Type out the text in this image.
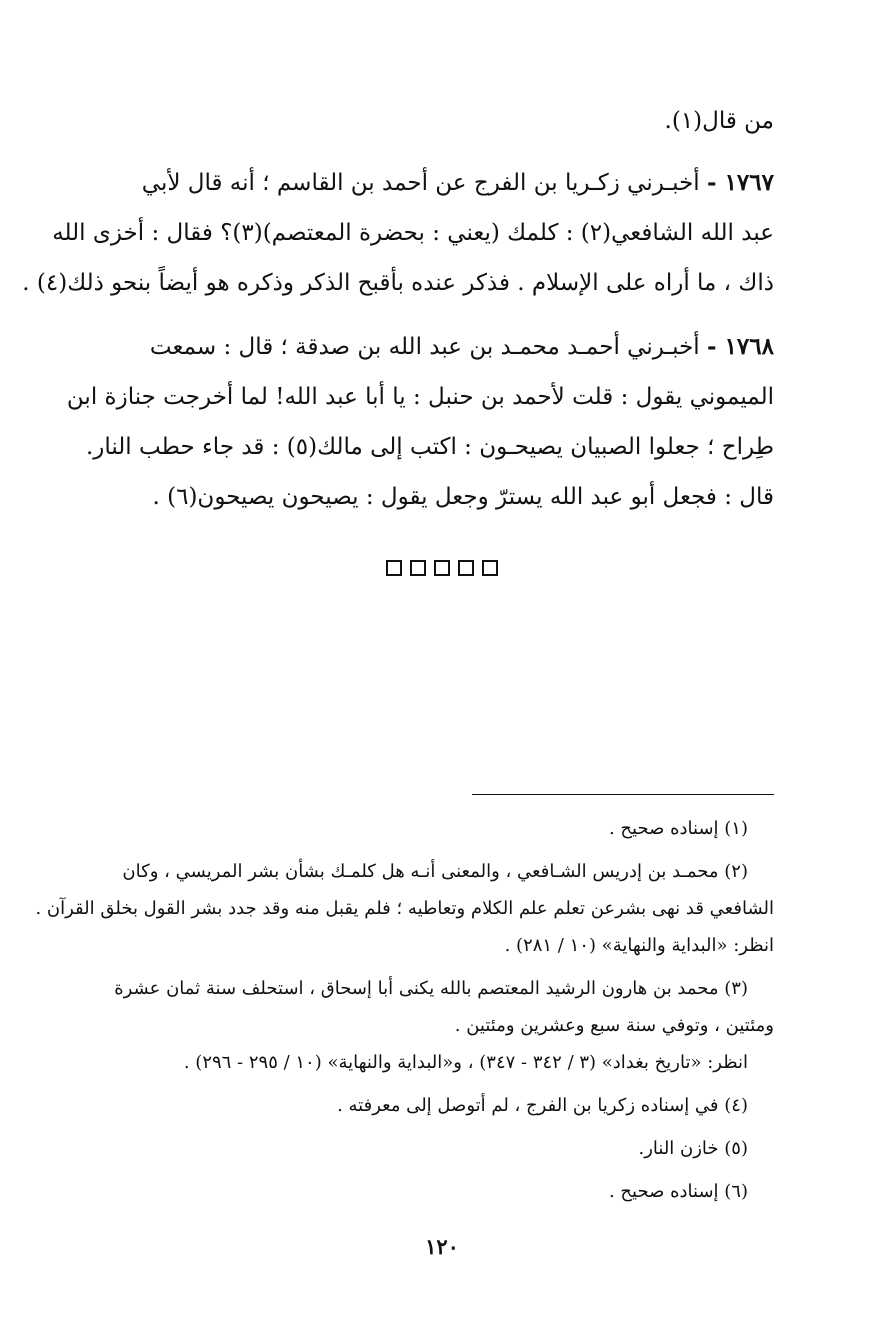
من قال(١).
١٧٦٧ - أخبـرني زكـريا بن الفرج عن أحمد بن القاسم ؛ أنه قال لأبي
عبد الله الشافعي(٢) : كلمك (يعني : بحضرة المعتصم)(٣)؟ فقال : أخزى الله
ذاك ، ما أراه على الإسلام . فذكر عنده بأقبح الذكر وذكره هو أيضاً بنحو ذلك(٤) .
١٧٦٨ - أخبـرني أحمـد محمـد بن عبد الله بن صدقة ؛ قال : سمعت
الميموني يقول : قلت لأحمد بن حنبل : يا أبا عبد الله! لما أخرجت جنازة ابن
طِراح ؛ جعلوا الصبيان يصيحـون : اكتب إلى مالك(٥) : قد جاء حطب النار.
قال : فجعل أبو عبد الله يسترّ وجعل يقول : يصيحون يصيحون(٦) .
(١) إسناده صحيح .
(٢) محمـد بن إدريس الشـافعي ، والمعنى أنـه هل كلمـك بشأن بشر المريسي ، وكان
الشافعي قد نهى بشرعن تعلم علم الكلام وتعاطيه ؛ فلم يقبل منه وقد جدد بشر القول بخلق القرآن .
انظر: «البداية والنهاية» (١٠ / ٢٨١) .
(٣) محمد بن هارون الرشيد المعتصم بالله يكنى أبا إسحاق ، استحلف سنة ثمان عشرة
ومئتين ، وتوفي سنة سبع وعشرين ومئتين .
انظر: «تاريخ بغداد» (٣ / ٣٤٢ - ٣٤٧) ، و«البداية والنهاية» (١٠ / ٢٩٥ - ٢٩٦) .
(٤) في إسناده زكريا بن الفرج ، لم أتوصل إلى معرفته .
(٥) خازن النار.
(٦) إسناده صحيح .
١٢٠
